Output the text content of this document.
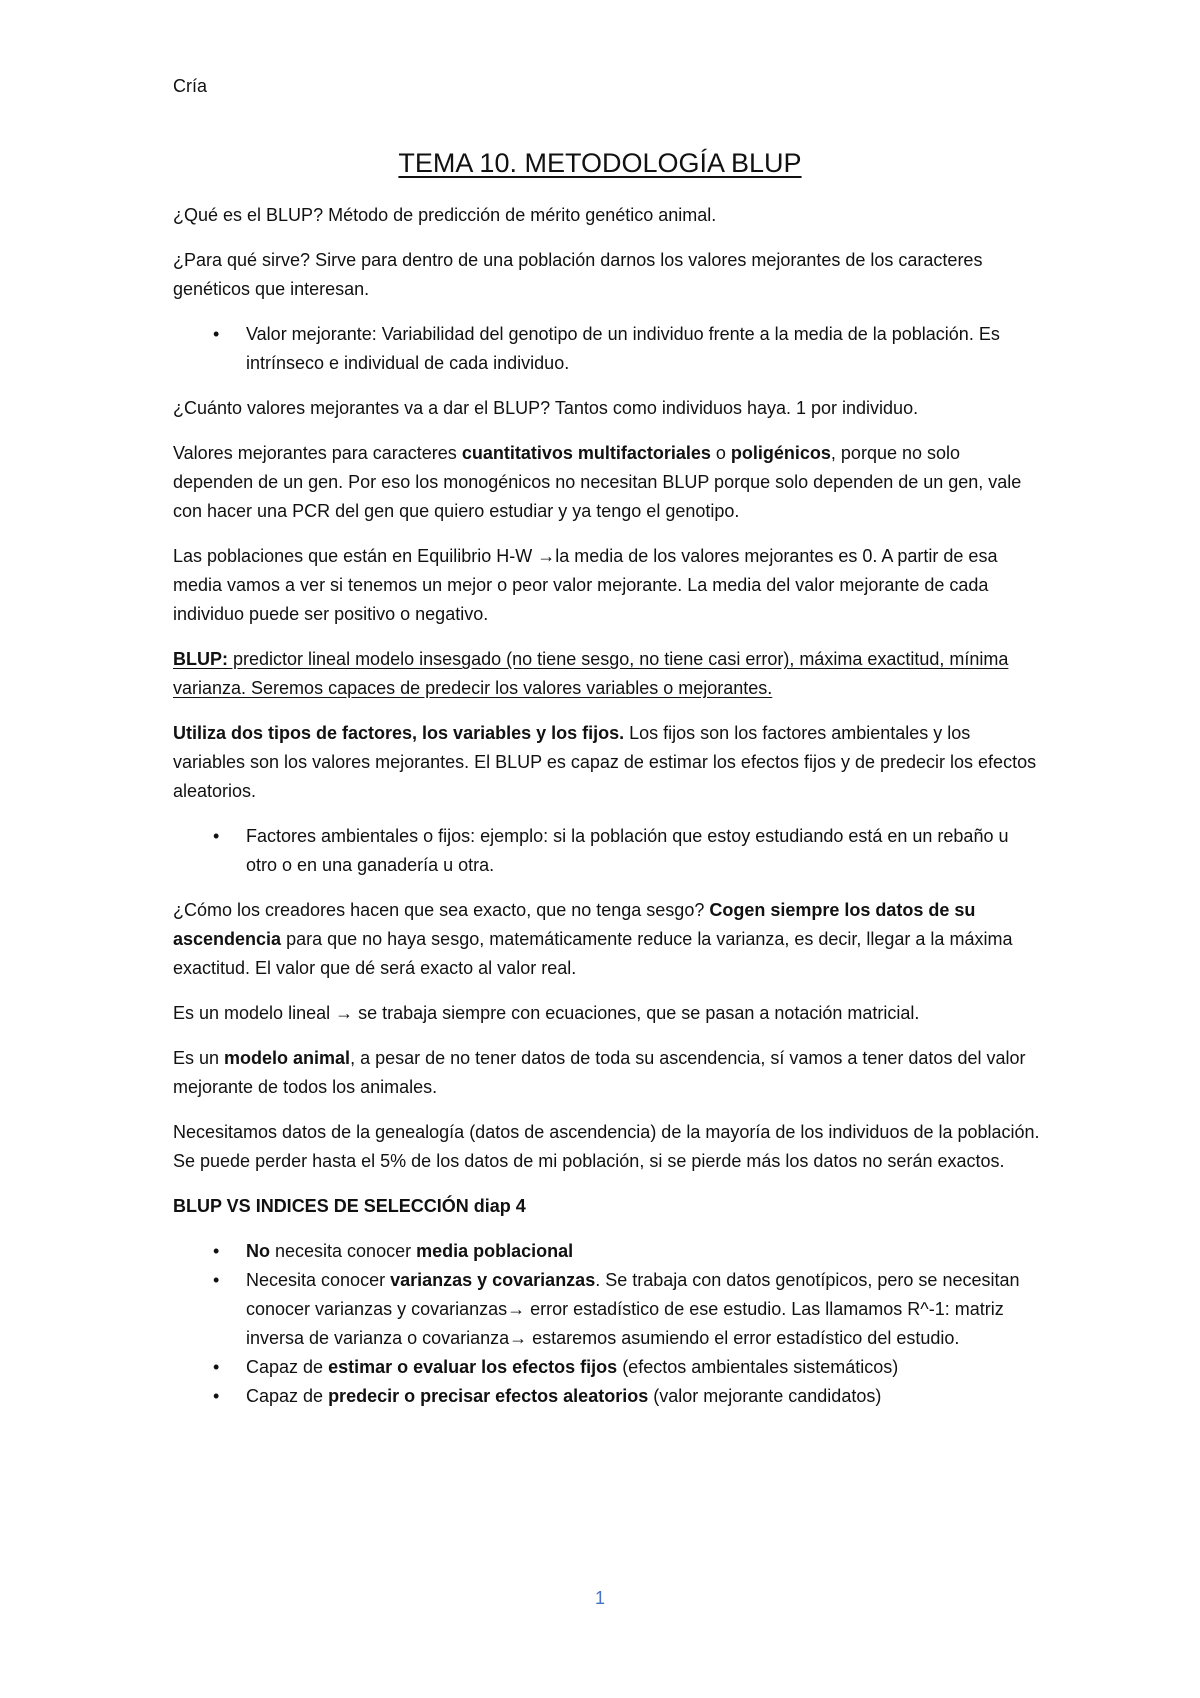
Cría
TEMA 10. METODOLOGÍA BLUP

¿Qué es el BLUP? Método de predicción de mérito genético animal.

¿Para qué sirve? Sirve para dentro de una población darnos los valores mejorantes de los caracteres genéticos que interesan.

• Valor mejorante: Variabilidad del genotipo de un individuo frente a la media de la población. Es intrínseco e individual de cada individuo.

¿Cuánto valores mejorantes va a dar el BLUP? Tantos como individuos haya. 1 por individuo.

Valores mejorantes para caracteres cuantitativos multifactoriales o poligénicos, porque no solo dependen de un gen. Por eso los monogénicos no necesitan BLUP porque solo dependen de un gen, vale con hacer una PCR del gen que quiero estudiar y ya tengo el genotipo.

Las poblaciones que están en Equilibrio H-W →la media de los valores mejorantes es 0. A partir de esa media vamos a ver si tenemos un mejor o peor valor mejorante. La media del valor mejorante de cada individuo puede ser positivo o negativo.

BLUP: predictor lineal modelo insesgado (no tiene sesgo, no tiene casi error), máxima exactitud, mínima varianza. Seremos capaces de predecir los valores variables o mejorantes.

Utiliza dos tipos de factores, los variables y los fijos. Los fijos son los factores ambientales y los variables son los valores mejorantes. El BLUP es capaz de estimar los efectos fijos y de predecir los efectos aleatorios.

• Factores ambientales o fijos: ejemplo: si la población que estoy estudiando está en un rebaño u otro o en una ganadería u otra.

¿Cómo los creadores hacen que sea exacto, que no tenga sesgo? Cogen siempre los datos de su ascendencia para que no haya sesgo, matemáticamente reduce la varianza, es decir, llegar a la máxima exactitud. El valor que dé será exacto al valor real.

Es un modelo lineal → se trabaja siempre con ecuaciones, que se pasan a notación matricial.

Es un modelo animal, a pesar de no tener datos de toda su ascendencia, sí vamos a tener datos del valor mejorante de todos los animales.

Necesitamos datos de la genealogía (datos de ascendencia) de la mayoría de los individuos de la población. Se puede perder hasta el 5% de los datos de mi población, si se pierde más los datos no serán exactos.

BLUP VS INDICES DE SELECCIÓN diap 4

• No necesita conocer media poblacional
• Necesita conocer varianzas y covarianzas. Se trabaja con datos genotípicos, pero se necesitan conocer varianzas y covarianzas→ error estadístico de ese estudio. Las llamamos R^-1: matriz inversa de varianza o covarianza→ estaremos asumiendo el error estadístico del estudio.
• Capaz de estimar o evaluar los efectos fijos (efectos ambientales sistemáticos)
• Capaz de predecir o precisar efectos aleatorios (valor mejorante candidatos)
1
